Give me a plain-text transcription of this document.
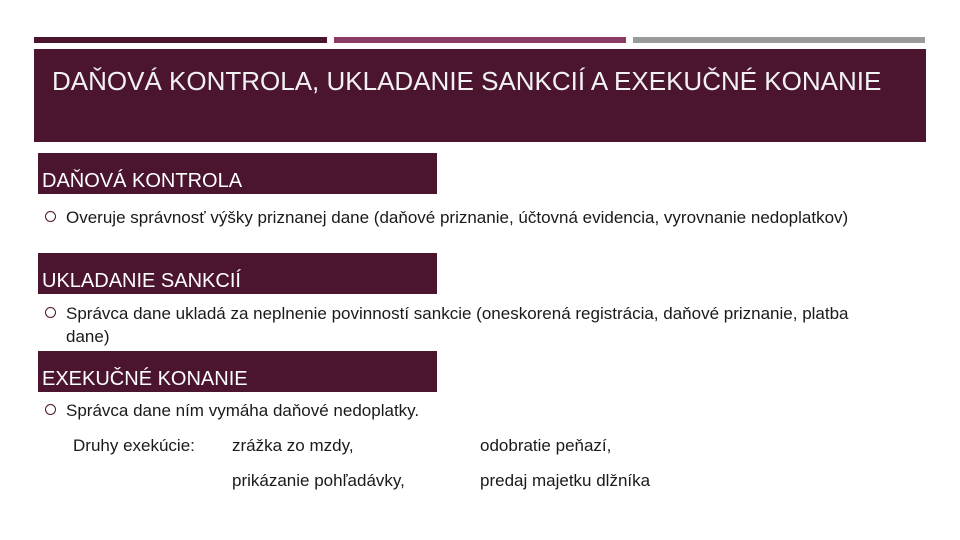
DAŇOVÁ KONTROLA, UKLADANIE SANKCIÍ A EXEKUČNÉ KONANIE
DAŇOVÁ KONTROLA
Overuje správnosť výšky priznanej dane (daňové priznanie, účtovná evidencia, vyrovnanie nedoplatkov)
UKLADANIE SANKCIÍ
Správca dane ukladá za neplnenie povinností sankcie (oneskorená registrácia, daňové priznanie, platba dane)
EXEKUČNÉ KONANIE
Správca dane ním vymáha daňové nedoplatky.
Druhy exekúcie: zrážka zo mzdy,	odobratie peňazí,
prikázanie pohľadávky,	predaj majetku dlžníka
